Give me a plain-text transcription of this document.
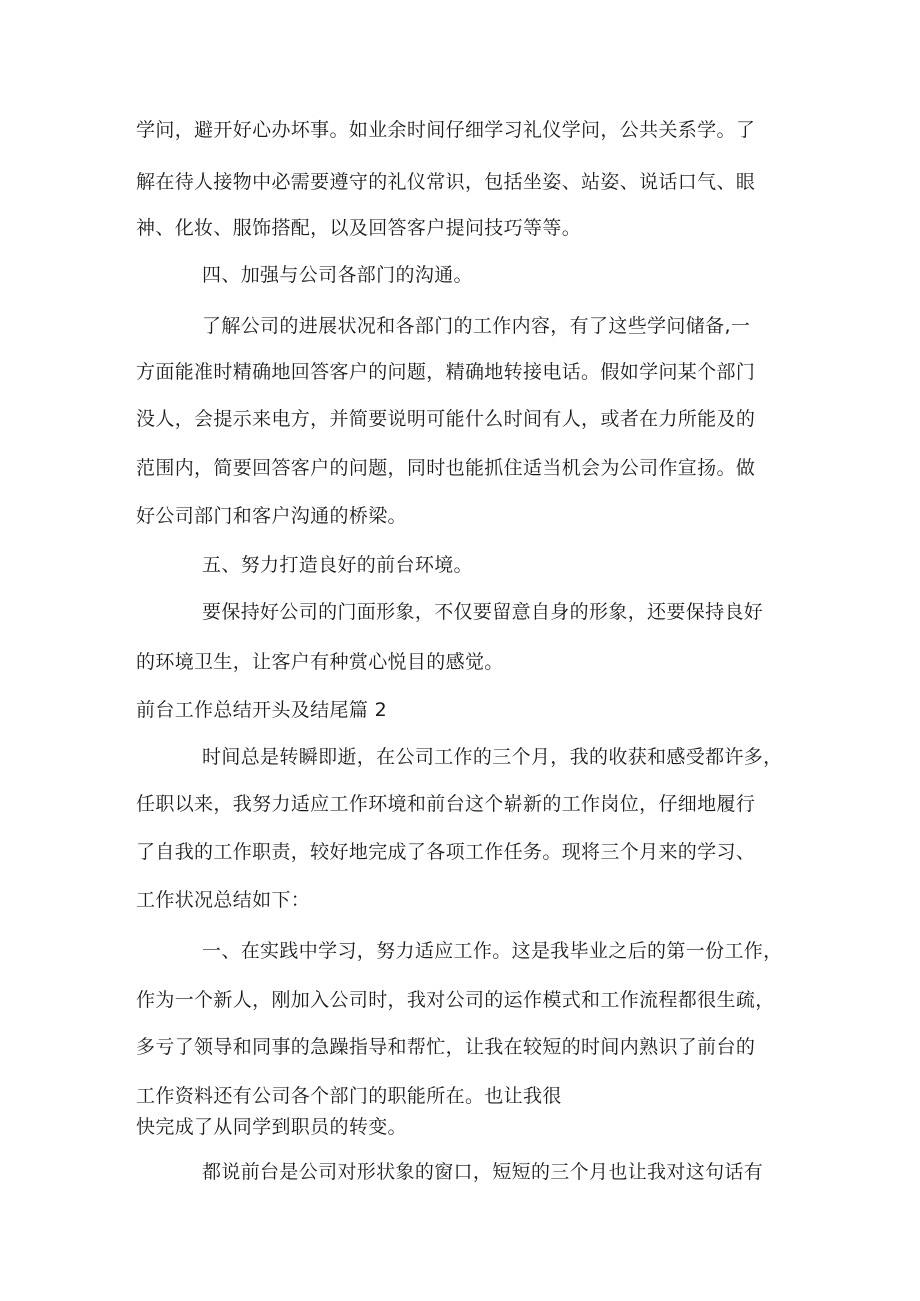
学问，避开好心办坏事。如业余时间仔细学习礼仪学问，公共关系学。了
解在待人接物中必需要遵守的礼仪常识，包括坐姿、站姿、说话口气、眼
神、化妆、服饰搭配，以及回答客户提问技巧等等。
四、加强与公司各部门的沟通。
了解公司的进展状况和各部门的工作内容，有了这些学问储备,一
方面能准时精确地回答客户的问题，精确地转接电话。假如学问某个部门
没人，会提示来电方，并简要说明可能什么时间有人，或者在力所能及的
范围内，简要回答客户的问题，同时也能抓住适当机会为公司作宣扬。做
好公司部门和客户沟通的桥梁。
五、努力打造良好的前台环境。
要保持好公司的门面形象，不仅要留意自身的形象，还要保持良好
的环境卫生，让客户有种赏心悦目的感觉。
前台工作总结开头及结尾篇 2
时间总是转瞬即逝，在公司工作的三个月，我的收获和感受都许多，
任职以来，我努力适应工作环境和前台这个崭新的工作岗位，仔细地履行
了自我的工作职责，较好地完成了各项工作任务。现将三个月来的学习、
工作状况总结如下：
一、在实践中学习，努力适应工作。这是我毕业之后的第一份工作，
作为一个新人，刚加入公司时，我对公司的运作模式和工作流程都很生疏，
多亏了领导和同事的急躁指导和帮忙，让我在较短的时间内熟识了前台的
工作资料还有公司各个部门的职能所在。也让我很
快完成了从同学到职员的转变。
都说前台是公司对形状象的窗口，短短的三个月也让我对这句话有
